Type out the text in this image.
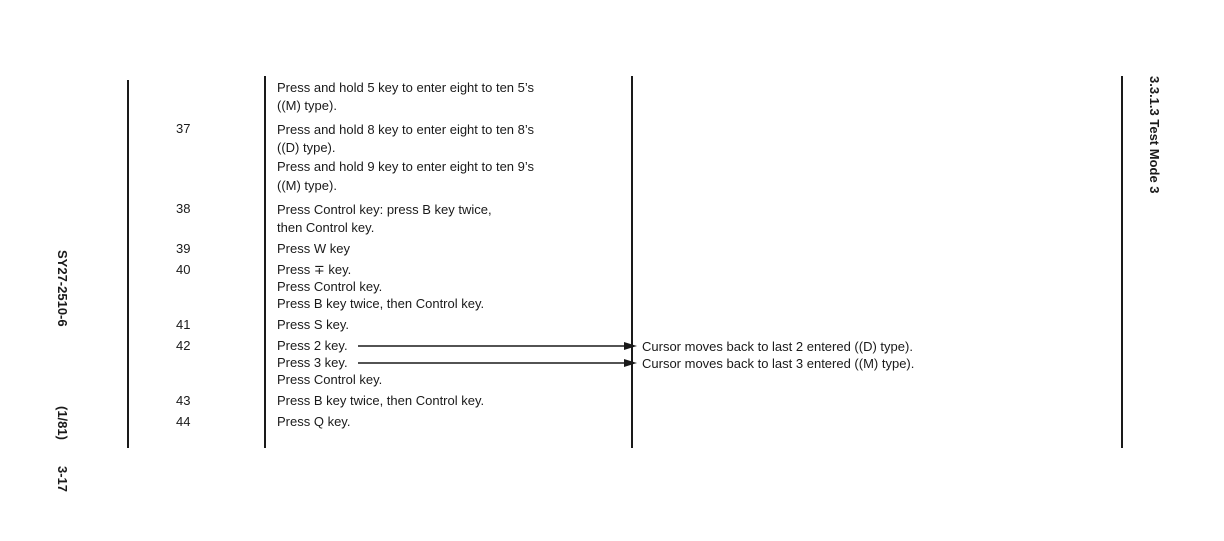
3.3.1.3 Test Mode 3
SY27-2510-6
(1/81)
3-17
37
38
39
40
41
42
43
44
Press and hold 5 key to enter eight to ten 5’s
((M) type).
Press and hold 8 key to enter eight to ten 8’s
((D) type).
Press and hold 9 key to enter eight to ten 9’s
((M) type).
Press Control key: press B key twice,
then Control key.
Press W key
Press ∓ key.
Press Control key.
Press B key twice, then Control key.
Press S key.
Press 2 key.
Press 3 key.
Press Control key.
Press B key twice, then Control key.
Press Q key.
Cursor moves back to last 2 entered ((D) type).
Cursor moves back to last 3 entered ((M) type).
